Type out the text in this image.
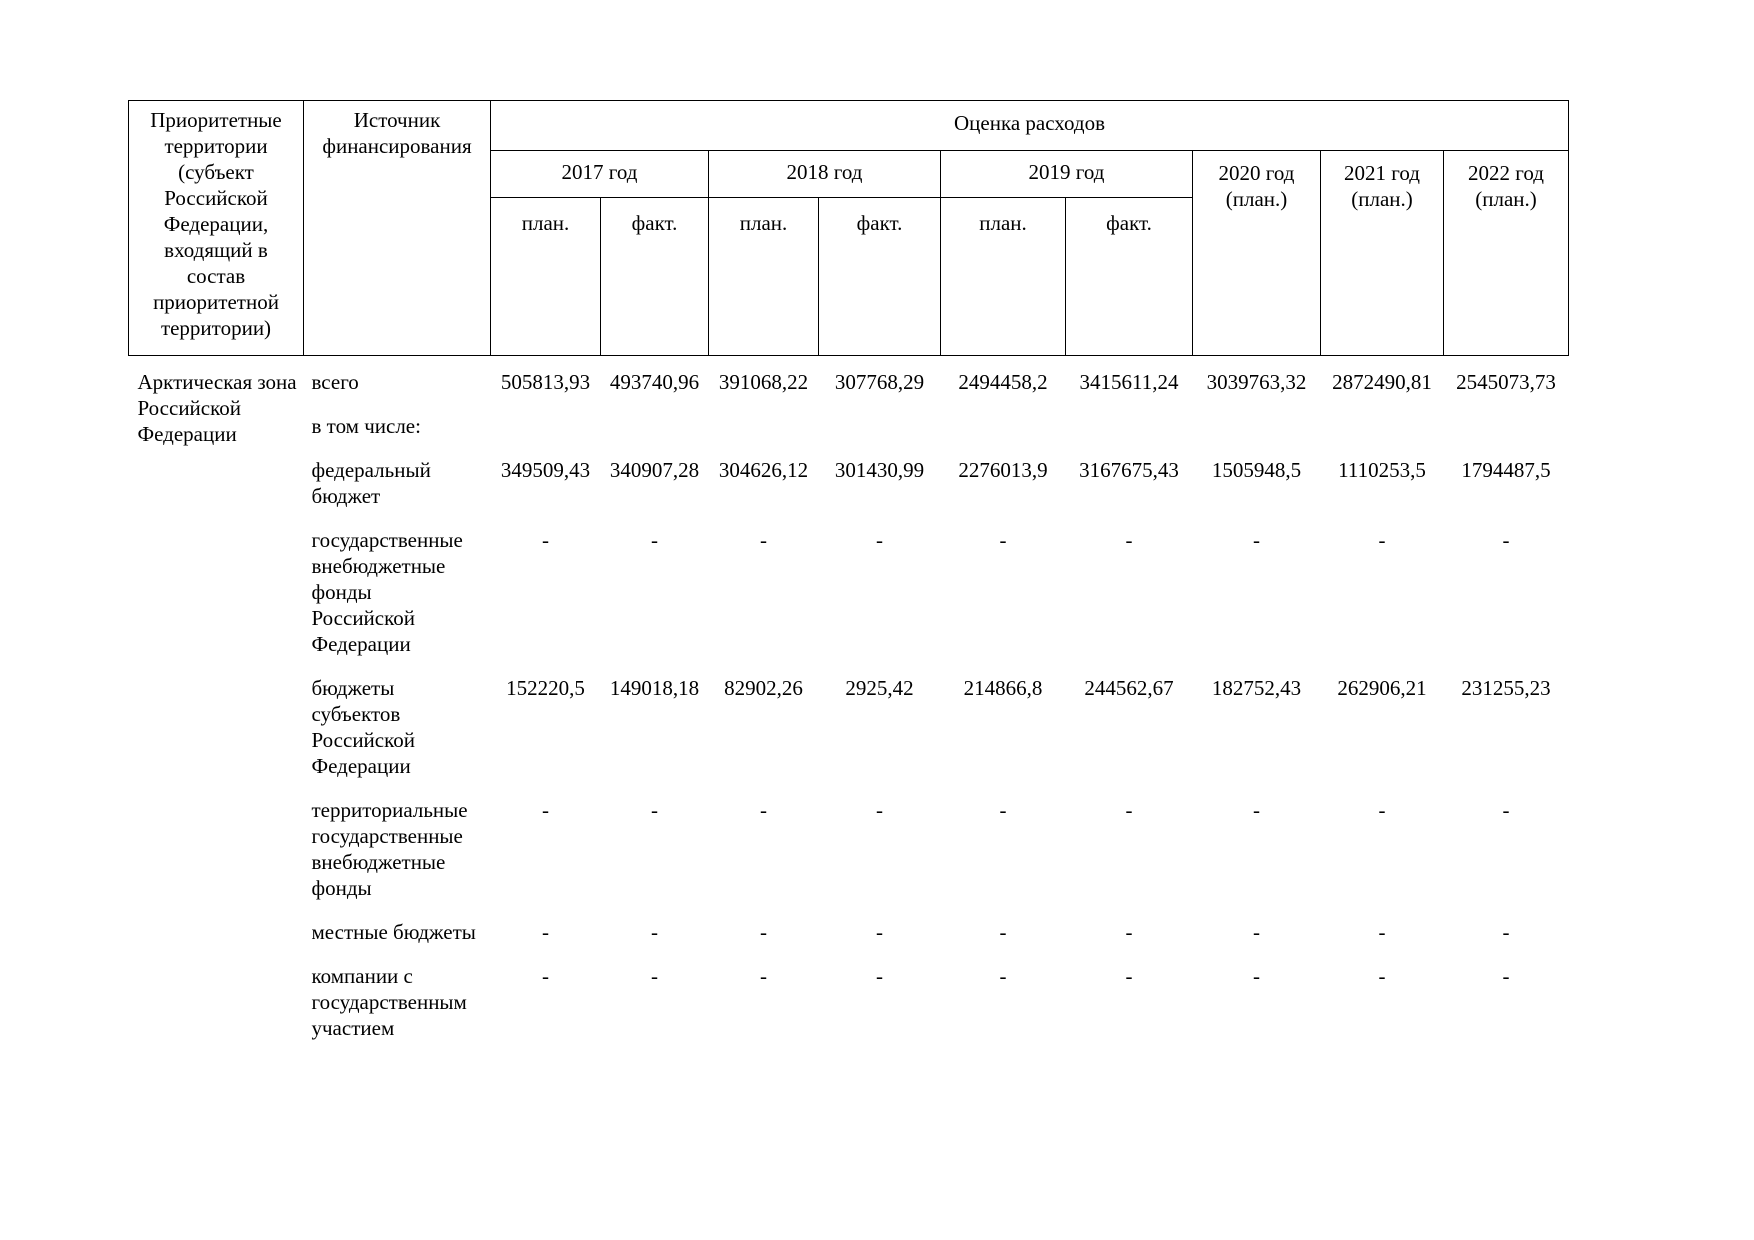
Приоритетные территории (субъект Российской Федерации, входящий в состав приоритетной территории)	Источник финансирования	Оценка расходов								
		2017 год		2018 год		2019 год		2020 год (план.)	2021 год (план.)	2022 год (план.)
		план.	факт.	план.	факт.	план.	факт.			
Арктическая зона Российской Федерации	всего	505813,93	493740,96	391068,22	307768,29	2494458,2	3415611,24	3039763,32	2872490,81	2545073,73
	в том числе:									
	федеральный бюджет	349509,43	340907,28	304626,12	301430,99	2276013,9	3167675,43	1505948,5	1110253,5	1794487,5
	государственные внебюджетные фонды Российской Федерации	-	-	-	-	-	-	-	-	-
	бюджеты субъектов Российской Федерации	152220,5	149018,18	82902,26	2925,42	214866,8	244562,67	182752,43	262906,21	231255,23
	территориальные государственные внебюджетные фонды	-	-	-	-	-	-	-	-	-
	местные бюджеты	-	-	-	-	-	-	-	-	-
	компании с государственным участием	-	-	-	-	-	-	-	-	-
